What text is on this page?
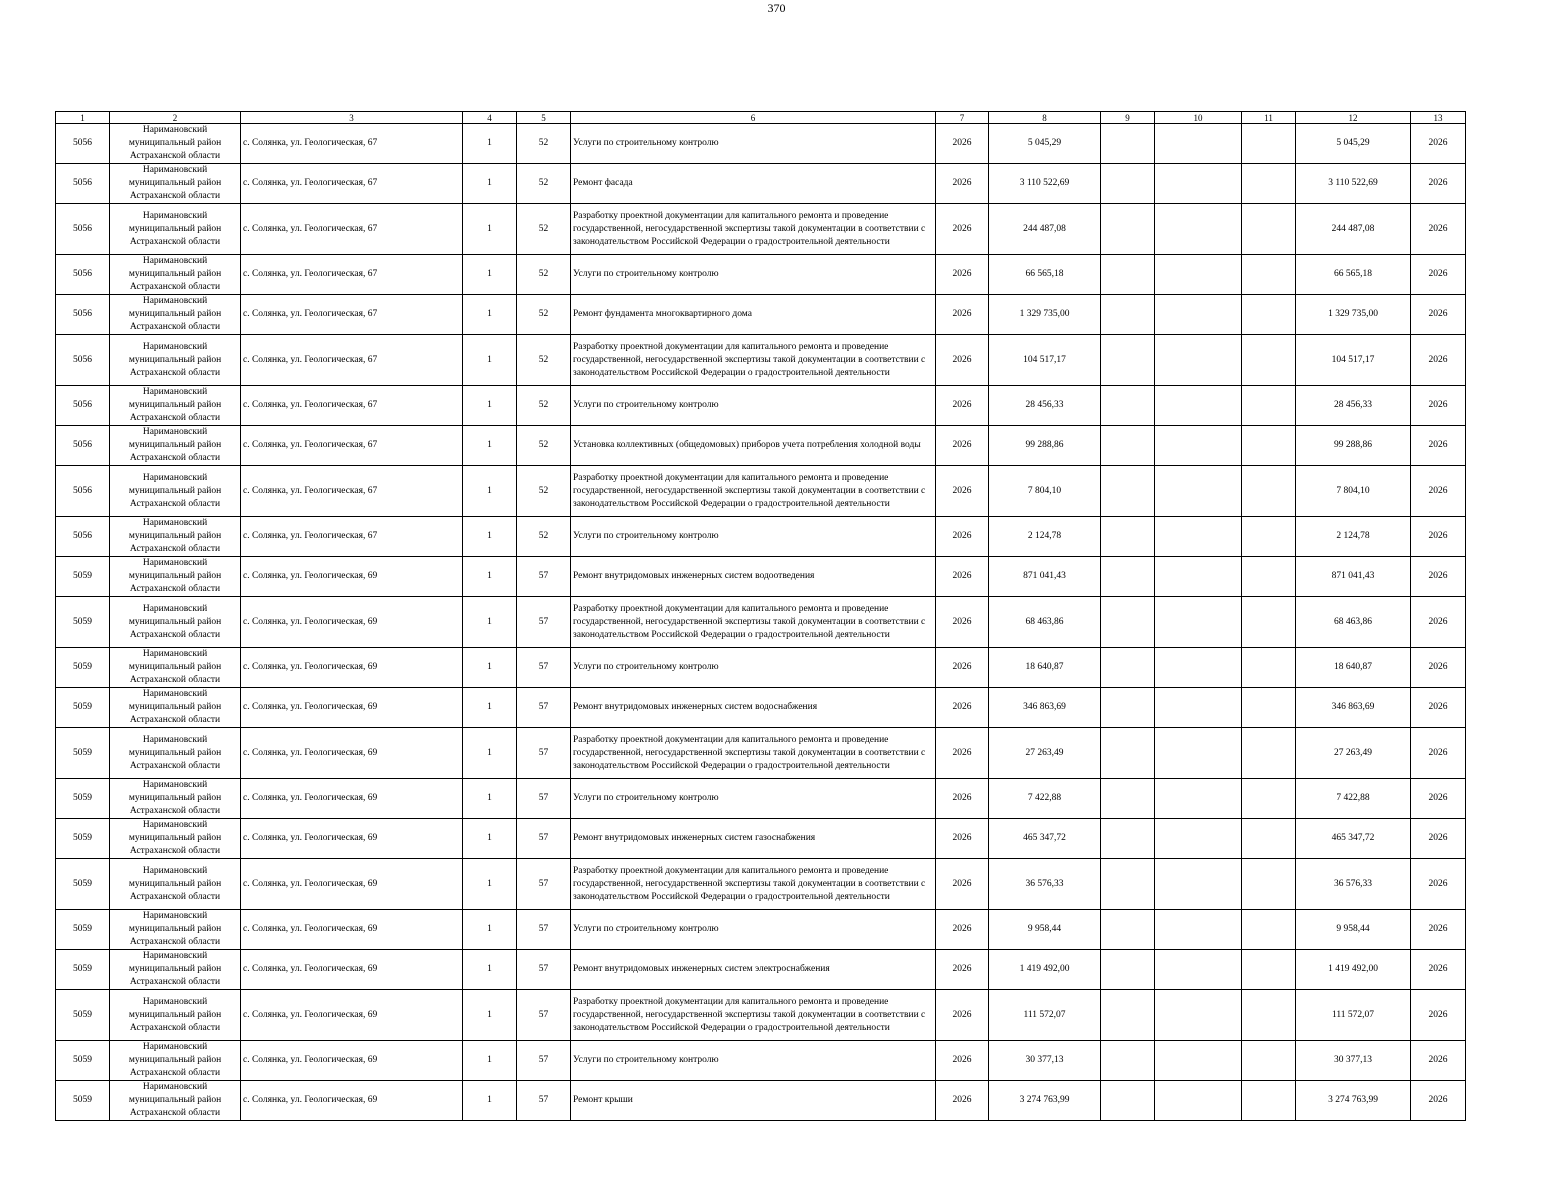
370
1	2	3	4	5	6	7	8	9	10	11	12	13
5056	Наримановский муниципальный район Астраханской области	с. Солянка, ул. Геологическая, 67	1	52	Услуги по строительному контролю	2026	5 045,29				5 045,29	2026
5056	Наримановский муниципальный район Астраханской области	с. Солянка, ул. Геологическая, 67	1	52	Ремонт фасада	2026	3 110 522,69				3 110 522,69	2026
5056	Наримановский муниципальный район Астраханской области	с. Солянка, ул. Геологическая, 67	1	52	Разработку проектной документации для капитального ремонта и проведение государственной, негосударственной экспертизы такой документации в соответствии с законодательством Российской Федерации о градостроительной деятельности	2026	244 487,08				244 487,08	2026
5056	Наримановский муниципальный район Астраханской области	с. Солянка, ул. Геологическая, 67	1	52	Услуги по строительному контролю	2026	66 565,18				66 565,18	2026
5056	Наримановский муниципальный район Астраханской области	с. Солянка, ул. Геологическая, 67	1	52	Ремонт фундамента многоквартирного дома	2026	1 329 735,00				1 329 735,00	2026
5056	Наримановский муниципальный район Астраханской области	с. Солянка, ул. Геологическая, 67	1	52	Разработку проектной документации для капитального ремонта и проведение государственной, негосударственной экспертизы такой документации в соответствии с законодательством Российской Федерации о градостроительной деятельности	2026	104 517,17				104 517,17	2026
5056	Наримановский муниципальный район Астраханской области	с. Солянка, ул. Геологическая, 67	1	52	Услуги по строительному контролю	2026	28 456,33				28 456,33	2026
5056	Наримановский муниципальный район Астраханской области	с. Солянка, ул. Геологическая, 67	1	52	Установка коллективных (общедомовых) приборов учета потребления холодной воды	2026	99 288,86				99 288,86	2026
5056	Наримановский муниципальный район Астраханской области	с. Солянка, ул. Геологическая, 67	1	52	Разработку проектной документации для капитального ремонта и проведение государственной, негосударственной экспертизы такой документации в соответствии с законодательством Российской Федерации о градостроительной деятельности	2026	7 804,10				7 804,10	2026
5056	Наримановский муниципальный район Астраханской области	с. Солянка, ул. Геологическая, 67	1	52	Услуги по строительному контролю	2026	2 124,78				2 124,78	2026
5059	Наримановский муниципальный район Астраханской области	с. Солянка, ул. Геологическая, 69	1	57	Ремонт внутридомовых инженерных систем водоотведения	2026	871 041,43				871 041,43	2026
5059	Наримановский муниципальный район Астраханской области	с. Солянка, ул. Геологическая, 69	1	57	Разработку проектной документации для капитального ремонта и проведение государственной, негосударственной экспертизы такой документации в соответствии с законодательством Российской Федерации о градостроительной деятельности	2026	68 463,86				68 463,86	2026
5059	Наримановский муниципальный район Астраханской области	с. Солянка, ул. Геологическая, 69	1	57	Услуги по строительному контролю	2026	18 640,87				18 640,87	2026
5059	Наримановский муниципальный район Астраханской области	с. Солянка, ул. Геологическая, 69	1	57	Ремонт внутридомовых инженерных систем водоснабжения	2026	346 863,69				346 863,69	2026
5059	Наримановский муниципальный район Астраханской области	с. Солянка, ул. Геологическая, 69	1	57	Разработку проектной документации для капитального ремонта и проведение государственной, негосударственной экспертизы такой документации в соответствии с законодательством Российской Федерации о градостроительной деятельности	2026	27 263,49				27 263,49	2026
5059	Наримановский муниципальный район Астраханской области	с. Солянка, ул. Геологическая, 69	1	57	Услуги по строительному контролю	2026	7 422,88				7 422,88	2026
5059	Наримановский муниципальный район Астраханской области	с. Солянка, ул. Геологическая, 69	1	57	Ремонт внутридомовых инженерных систем газоснабжения	2026	465 347,72				465 347,72	2026
5059	Наримановский муниципальный район Астраханской области	с. Солянка, ул. Геологическая, 69	1	57	Разработку проектной документации для капитального ремонта и проведение государственной, негосударственной экспертизы такой документации в соответствии с законодательством Российской Федерации о градостроительной деятельности	2026	36 576,33				36 576,33	2026
5059	Наримановский муниципальный район Астраханской области	с. Солянка, ул. Геологическая, 69	1	57	Услуги по строительному контролю	2026	9 958,44				9 958,44	2026
5059	Наримановский муниципальный район Астраханской области	с. Солянка, ул. Геологическая, 69	1	57	Ремонт внутридомовых инженерных систем электроснабжения	2026	1 419 492,00				1 419 492,00	2026
5059	Наримановский муниципальный район Астраханской области	с. Солянка, ул. Геологическая, 69	1	57	Разработку проектной документации для капитального ремонта и проведение государственной, негосударственной экспертизы такой документации в соответствии с законодательством Российской Федерации о градостроительной деятельности	2026	111 572,07				111 572,07	2026
5059	Наримановский муниципальный район Астраханской области	с. Солянка, ул. Геологическая, 69	1	57	Услуги по строительному контролю	2026	30 377,13				30 377,13	2026
5059	Наримановский муниципальный район Астраханской области	с. Солянка, ул. Геологическая, 69	1	57	Ремонт крыши	2026	3 274 763,99				3 274 763,99	2026
